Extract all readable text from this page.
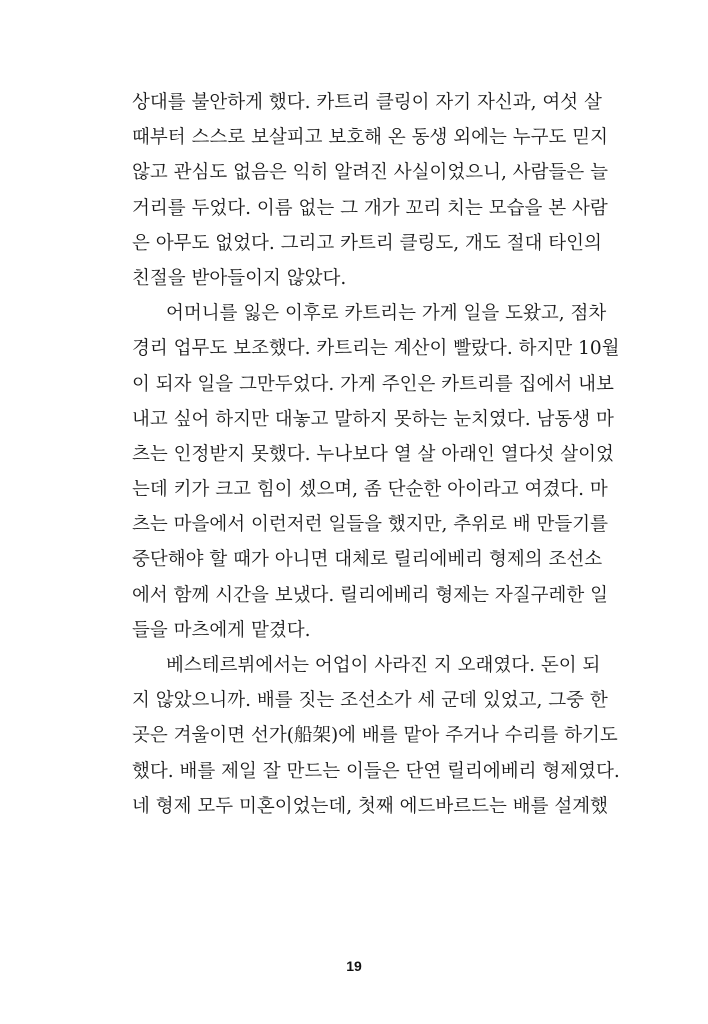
상대를 불안하게 했다. 카트리 클링이 자기 자신과, 여섯 살
때부터 스스로 보살피고 보호해 온 동생 외에는 누구도 믿지
않고 관심도 없음은 익히 알려진 사실이었으니, 사람들은 늘
거리를 두었다. 이름 없는 그 개가 꼬리 치는 모습을 본 사람
은 아무도 없었다. 그리고 카트리 클링도, 개도 절대 타인의
친절을 받아들이지 않았다.
어머니를 잃은 이후로 카트리는 가게 일을 도왔고, 점차
경리 업무도 보조했다. 카트리는 계산이 빨랐다. 하지만 10월
이 되자 일을 그만두었다. 가게 주인은 카트리를 집에서 내보
내고 싶어 하지만 대놓고 말하지 못하는 눈치였다. 남동생 마
츠는 인정받지 못했다. 누나보다 열 살 아래인 열다섯 살이었
는데 키가 크고 힘이 셌으며, 좀 단순한 아이라고 여겼다. 마
츠는 마을에서 이런저런 일들을 했지만, 추위로 배 만들기를
중단해야 할 때가 아니면 대체로 릴리에베리 형제의 조선소
에서 함께 시간을 보냈다. 릴리에베리 형제는 자질구레한 일
들을 마츠에게 맡겼다.
베스테르뷔에서는 어업이 사라진 지 오래였다. 돈이 되
지 않았으니까. 배를 짓는 조선소가 세 군데 있었고, 그중 한
곳은 겨울이면 선가(船架)에 배를 맡아 주거나 수리를 하기도
했다. 배를 제일 잘 만드는 이들은 단연 릴리에베리 형제였다.
네 형제 모두 미혼이었는데, 첫째 에드바르드는 배를 설계했
19
